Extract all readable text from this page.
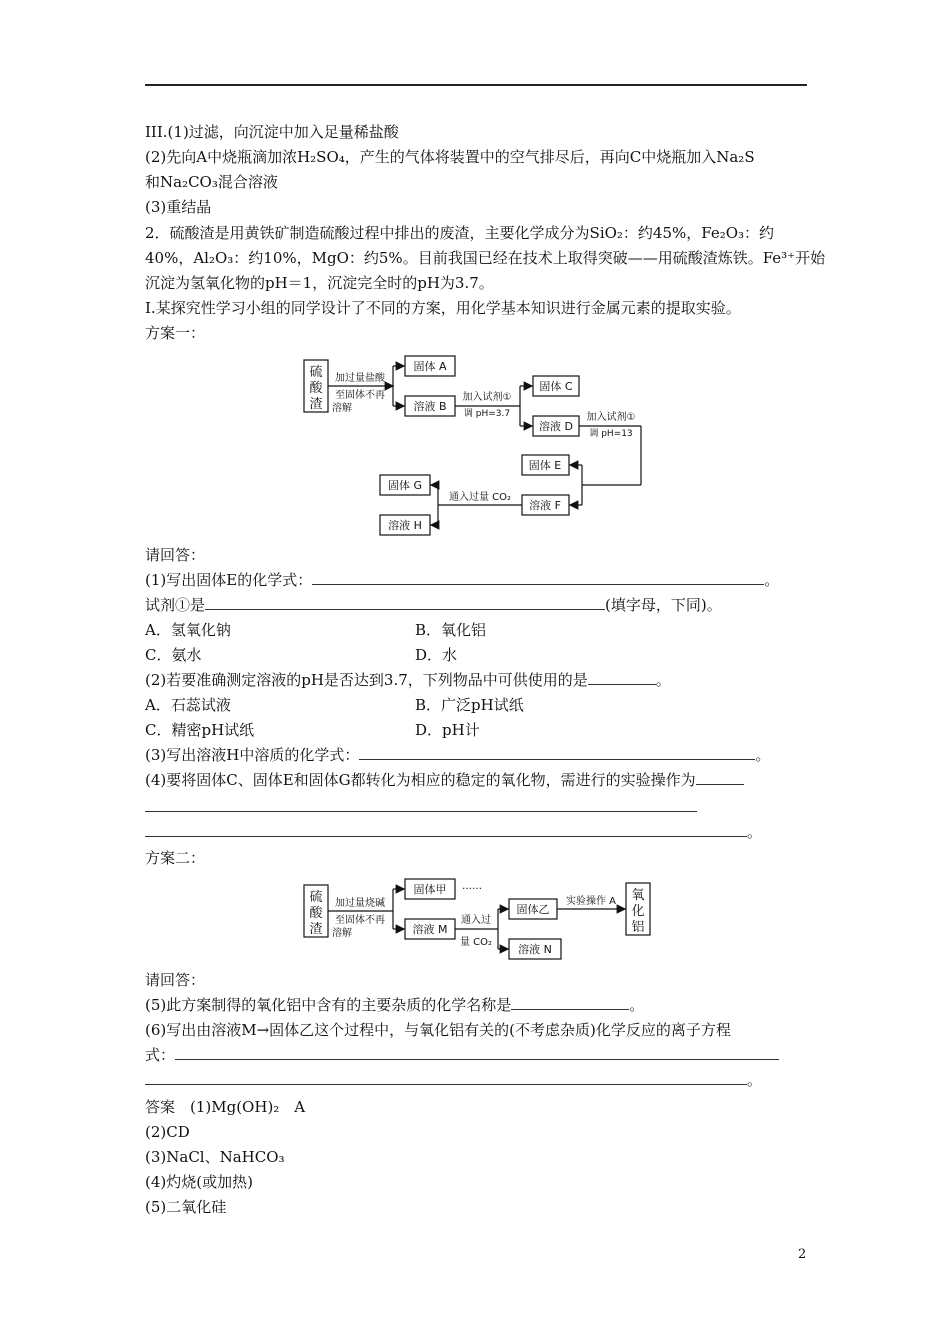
III.(1)过滤，向沉淀中加入足量稀盐酸
(2)先向A中烧瓶滴加浓H₂SO₄，产生的气体将装置中的空气排尽后，再向C中烧瓶加入Na₂S
和Na₂CO₃混合溶液
(3)重结晶
2．硫酸渣是用黄铁矿制造硫酸过程中排出的废渣，主要化学成分为SiO₂：约45%，Fe₂O₃：约
40%，Al₂O₃：约10%，MgO：约5%。目前我国已经在技术上取得突破——用硫酸渣炼铁。Fe³⁺开始
沉淀为氢氧化物的pH＝1，沉淀完全时的pH为3.7。
Ⅰ.某探究性学习小组的同学设计了不同的方案，用化学基本知识进行金属元素的提取实验。
方案一：
硫
酸
渣
加过量盐酸
至固体不再
溶解
固体 A
溶液 B
加入试剂①
调 pH=3.7
固体 C
溶液 D
加入试剂①
调 pH=13
固体 E
溶液 F
通入过量 CO₂
固体 G
溶液 H
请回答：
(1)写出固体E的化学式：	。
试剂①是	(填字母，下同)。
A．氢氧化钠	B．氧化铝
C．氨水	D．水
(2)若要准确测定溶液的pH是否达到3.7，下列物品中可供使用的是	。
A．石蕊试液	B．广泛pH试纸
C．精密pH试纸	D．pH计
(3)写出溶液H中溶质的化学式：	。
(4)要将固体C、固体E和固体G都转化为相应的稳定的氧化物，需进行的实验操作为
。
方案二：
硫
酸
渣
加过量烧碱
至固体不再
溶解
固体甲 ……
溶液 M
通入过
量 CO₂
固体乙
溶液 N
实验操作 A 氧
化
铝
请回答：
(5)此方案制得的氧化铝中含有的主要杂质的化学名称是	。
(6)写出由溶液M→固体乙这个过程中，与氧化铝有关的(不考虑杂质)化学反应的离子方程
式：
。
答案　(1)Mg(OH)₂　A
(2)CD
(3)NaCl、NaHCO₃
(4)灼烧(或加热)
(5)二氧化硅
2
